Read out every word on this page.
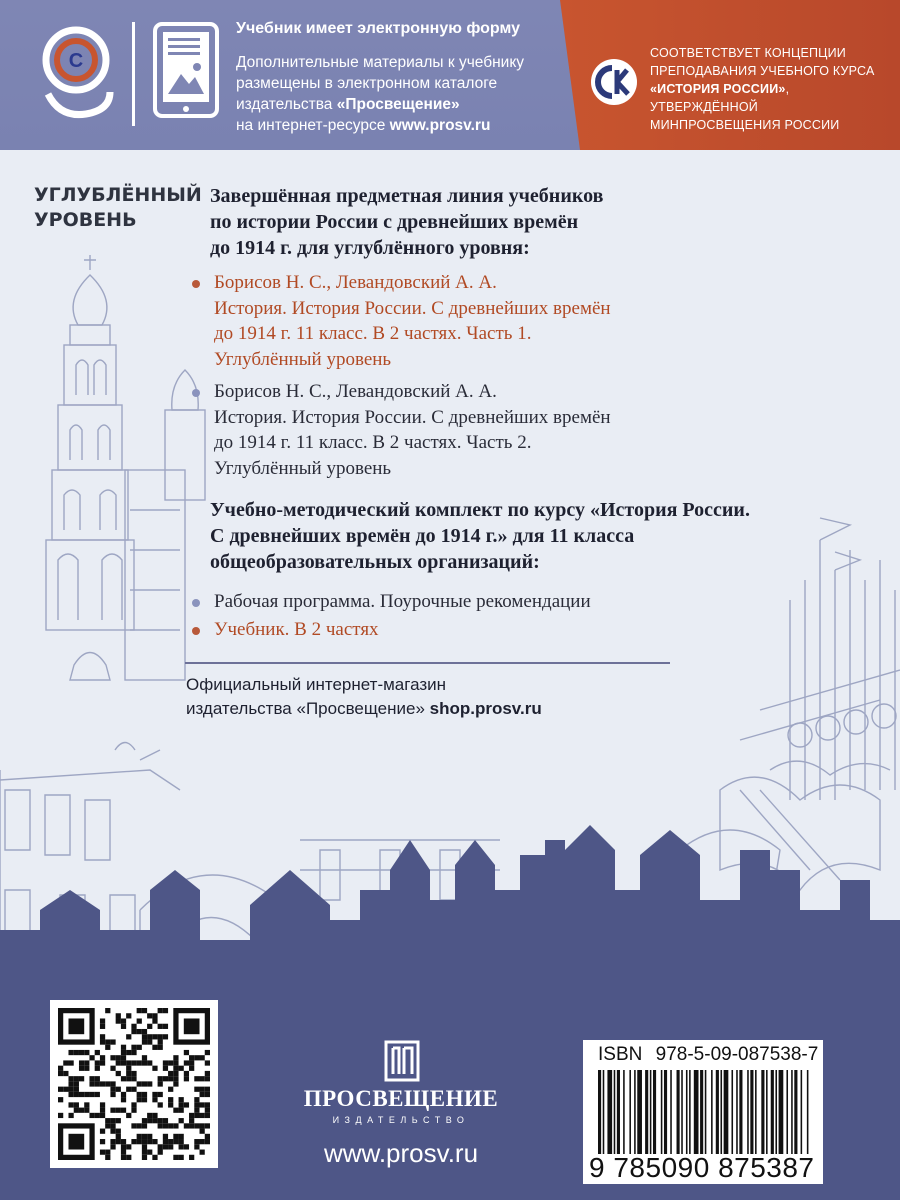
С
Учебник имеет электронную форму
Дополнительные материалы к учебнику
размещены в электронном каталоге
издательства «Просвещение»
на интернет-ресурсе www.prosv.ru
СООТВЕТСТВУЕТ КОНЦЕПЦИИ
ПРЕПОДАВАНИЯ УЧЕБНОГО КУРСА
«ИСТОРИЯ РОССИИ», УТВЕРЖДЁННОЙ
МИНПРОСВЕЩЕНИЯ РОССИИ
УГЛУБЛЁННЫЙ
УРОВЕНЬ
Завершённая предметная линия учебников
по истории России с древнейших времён
до 1914 г. для углублённого уровня:
Борисов Н. С., Левандовский А. А.
История. История России. С древнейших времён
до 1914 г. 11 класс. В 2 частях. Часть 1.
Углублённый уровень
Борисов Н. С., Левандовский А. А.
История. История России. С древнейших времён
до 1914 г. 11 класс. В 2 частях. Часть 2.
Углублённый уровень
Учебно-методический комплект по курсу «История России.
С древнейших времён до 1914 г.» для 11 класса
общеобразовательных организаций:
Рабочая программа. Поурочные рекомендации
Учебник. В 2 частях
Официальный интернет-магазин
издательства «Просвещение» shop.prosv.ru
ПРОСВЕЩЕНИЕ
ИЗДАТЕЛЬСТВО
www.prosv.ru
ISBN 978-5-09-087538-7
9 785090 875387
